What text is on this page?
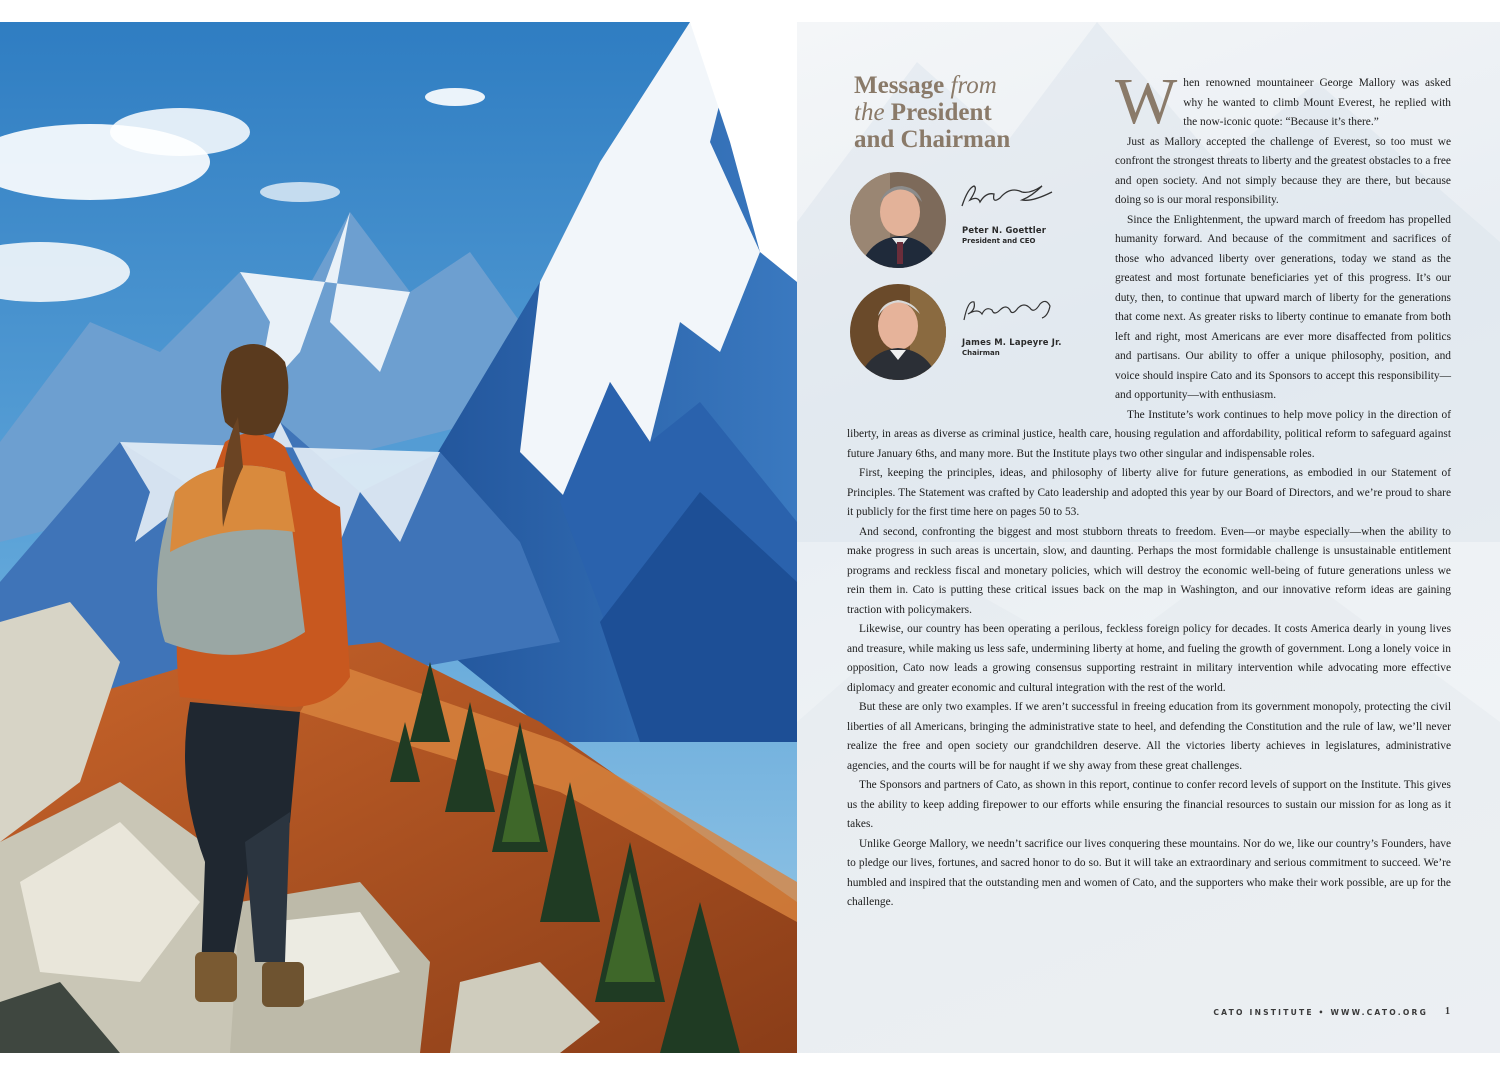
Message from
the President
and Chairman
Peter N. Goettler
President and CEO
James M. Lapeyre Jr.
Chairman
W hen renowned mountaineer George Mallory was asked why he wanted to climb Mount Everest, he replied with the now-iconic quote: “Because it’s there.”

Just as Mallory accepted the challenge of Everest, so too must we confront the strongest threats to liberty and the greatest obstacles to a free and open society. And not simply because they are there, but because doing so is our moral responsibility.

Since the Enlightenment, the upward march of freedom has propelled humanity forward. And because of the commitment and sacrifices of those who advanced liberty over generations, today we stand as the greatest and most fortunate beneficiaries yet of this progress. It’s our duty, then, to continue that upward march of liberty for the generations that come next. As greater risks to liberty continue to emanate from both left and right, most Americans are ever more disaffected from politics and partisans. Our ability to offer a unique philosophy, position, and voice should inspire Cato and its Sponsors to accept this responsibility—and opportunity—with enthusiasm.

The Institute’s work continues to help move policy in the direction of liberty, in areas as diverse as criminal justice, health care, housing regulation and affordability, political reform to safeguard against future January 6ths, and many more. But the Institute plays two other singular and indispensable roles.

First, keeping the principles, ideas, and philosophy of liberty alive for future generations, as embodied in our Statement of Principles. The Statement was crafted by Cato leadership and adopted this year by our Board of Directors, and we’re proud to share it publicly for the first time here on pages 50 to 53.

And second, confronting the biggest and most stubborn threats to freedom. Even—or maybe especially—when the ability to make progress in such areas is uncertain, slow, and daunting. Perhaps the most formidable challenge is unsustainable entitlement programs and reckless fiscal and monetary policies, which will destroy the economic well-being of future generations unless we rein them in. Cato is putting these critical issues back on the map in Washington, and our innovative reform ideas are gaining traction with policymakers.

Likewise, our country has been operating a perilous, feckless foreign policy for decades. It costs America dearly in young lives and treasure, while making us less safe, undermining liberty at home, and fueling the growth of government. Long a lonely voice in opposition, Cato now leads a growing consensus supporting restraint in military intervention while advocating more effective diplomacy and greater economic and cultural integration with the rest of the world.

But these are only two examples. If we aren’t successful in freeing education from its government monopoly, protecting the civil liberties of all Americans, bringing the administrative state to heel, and defending the Constitution and the rule of law, we’ll never realize the free and open society our grandchildren deserve. All the victories liberty achieves in legislatures, administrative agencies, and the courts will be for naught if we shy away from these great challenges.

The Sponsors and partners of Cato, as shown in this report, continue to confer record levels of support on the Institute. This gives us the ability to keep adding firepower to our efforts while ensuring the financial resources to sustain our mission for as long as it takes.

Unlike George Mallory, we needn’t sacrifice our lives conquering these mountains. Nor do we, like our country’s Founders, have to pledge our lives, fortunes, and sacred honor to do so. But it will take an extraordinary and serious commitment to succeed. We’re humbled and inspired that the outstanding men and women of Cato, and the supporters who make their work possible, are up for the challenge.

CATO INSTITUTE • WWW.CATO.ORG 1
